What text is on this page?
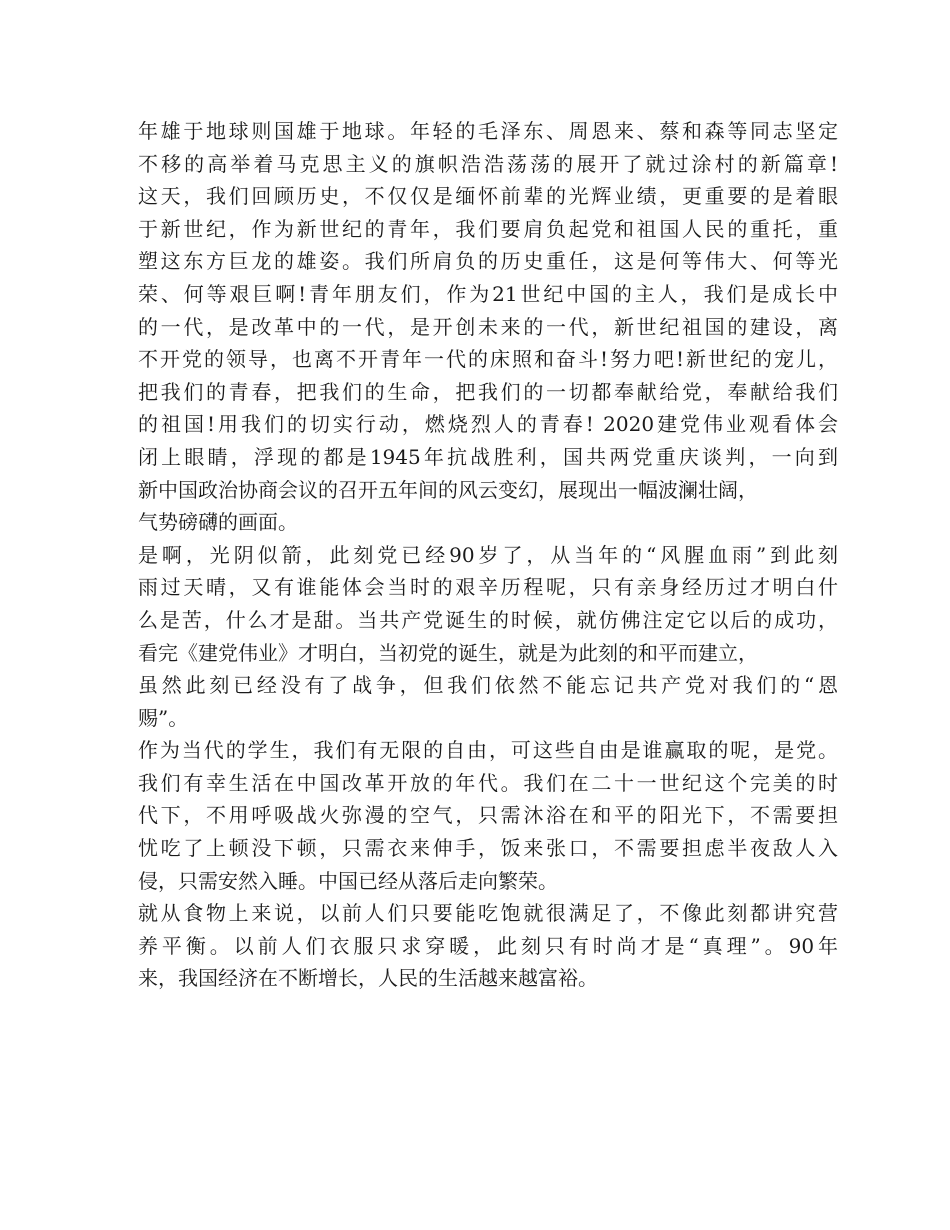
年雄于地球则国雄于地球。年轻的毛泽东、周恩来、蔡和森等同志坚定
不移的高举着马克思主义的旗帜浩浩荡荡的展开了就过涂村的新篇章!
这天，我们回顾历史，不仅仅是缅怀前辈的光辉业绩，更重要的是着眼
于新世纪，作为新世纪的青年，我们要肩负起党和祖国人民的重托，重
塑这东方巨龙的雄姿。我们所肩负的历史重任，这是何等伟大、何等光
荣、何等艰巨啊!青年朋友们，作为21世纪中国的主人，我们是成长中
的一代，是改革中的一代，是开创未来的一代，新世纪祖国的建设，离
不开党的领导，也离不开青年一代的床照和奋斗!努力吧!新世纪的宠儿，
把我们的青春，把我们的生命，把我们的一切都奉献给党，奉献给我们
的祖国!用我们的切实行动，燃烧烈人的青春! 2020建党伟业观看体会
闭上眼睛，浮现的都是1945年抗战胜利，国共两党重庆谈判，一向到
新中国政治协商会议的召开五年间的风云变幻，展现出一幅波澜壮阔，
气势磅礴的画面。
是啊，光阴似箭，此刻党已经90岁了，从当年的“风腥血雨”到此刻
雨过天晴，又有谁能体会当时的艰辛历程呢，只有亲身经历过才明白什
么是苦，什么才是甜。当共产党诞生的时候，就仿佛注定它以后的成功，
看完《建党伟业》才明白，当初党的诞生，就是为此刻的和平而建立，
虽然此刻已经没有了战争，但我们依然不能忘记共产党对我们的“恩
赐”。
作为当代的学生，我们有无限的自由，可这些自由是谁赢取的呢，是党。
我们有幸生活在中国改革开放的年代。我们在二十一世纪这个完美的时
代下，不用呼吸战火弥漫的空气，只需沐浴在和平的阳光下，不需要担
忧吃了上顿没下顿，只需衣来伸手，饭来张口，不需要担虑半夜敌人入
侵，只需安然入睡。中国已经从落后走向繁荣。
就从食物上来说，以前人们只要能吃饱就很满足了，不像此刻都讲究营
养平衡。以前人们衣服只求穿暖，此刻只有时尚才是“真理”。90年
来，我国经济在不断增长，人民的生活越来越富裕。
